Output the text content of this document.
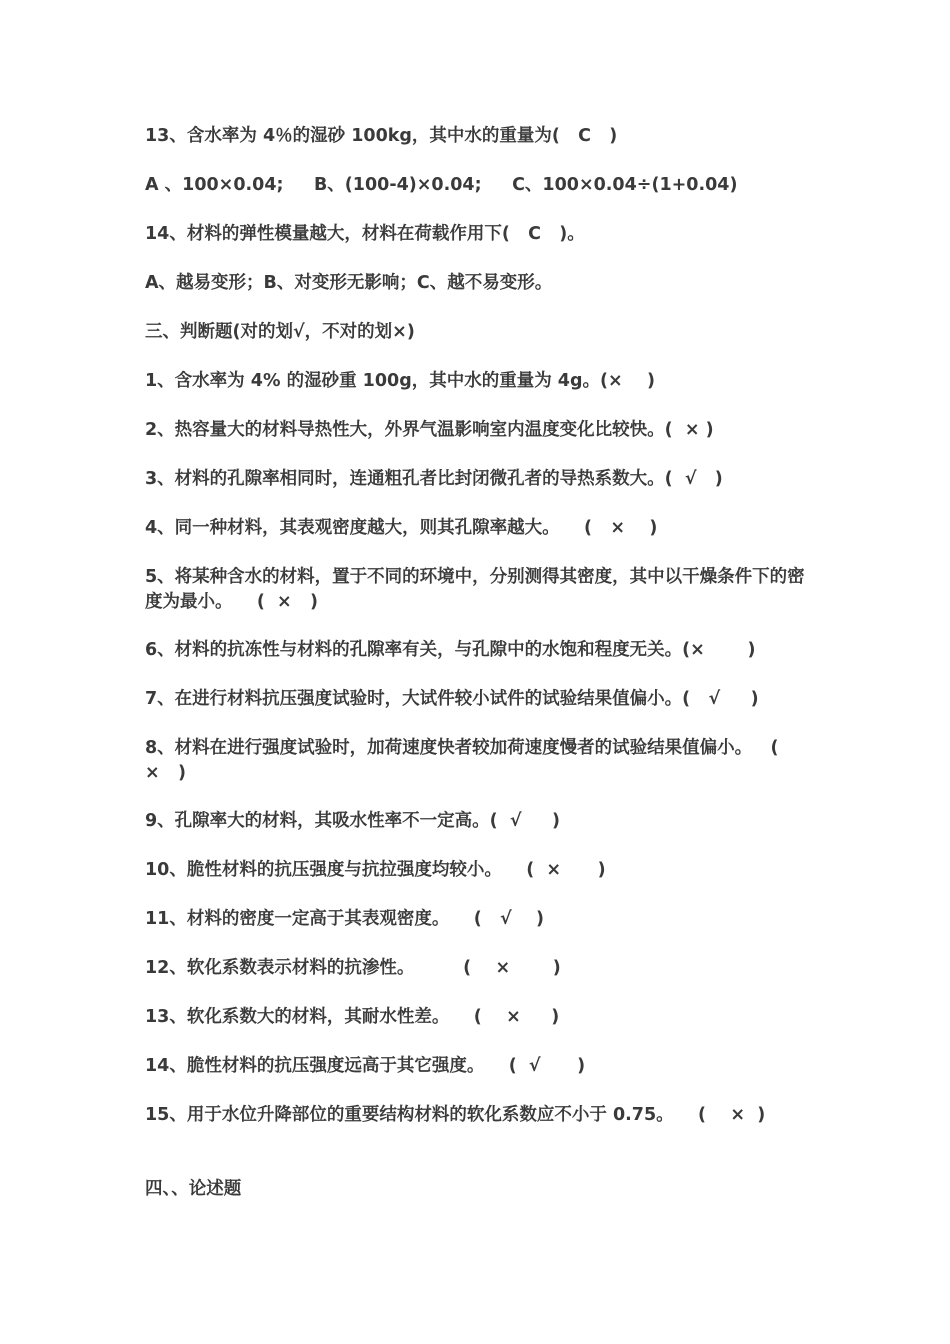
13、含水率为 4％的湿砂 100kg，其中水的重量为(   C   )
A 、100×0.04;     B、(100-4)×0.04;     C、100×0.04÷(1+0.04)
14、材料的弹性模量越大，材料在荷载作用下(   C   )。
A、越易变形；B、对变形无影响；C、越不易变形。
三、判断题(对的划√，不对的划×)
1、含水率为 4% 的湿砂重 100g，其中水的重量为 4g。(×    )
2、热容量大的材料导热性大，外界气温影响室内温度变化比较快。(  × )
3、材料的孔隙率相同时，连通粗孔者比封闭微孔者的导热系数大。(  √   )
4、同一种材料，其表观密度越大，则其孔隙率越大。    (   ×    )
5、将某种含水的材料，置于不同的环境中，分别测得其密度，其中以干燥条件下的密度为最小。    (  ×   )
6、材料的抗冻性与材料的孔隙率有关，与孔隙中的水饱和程度无关。(×       )
7、在进行材料抗压强度试验时，大试件较小试件的试验结果值偏小。(   √     )
8、材料在进行强度试验时，加荷速度快者较加荷速度慢者的试验结果值偏小。   (  ×   )
9、孔隙率大的材料，其吸水性率不一定高。(  √     )
10、脆性材料的抗压强度与抗拉强度均较小。    (  ×      )
11、材料的密度一定高于其表观密度。    (   √    )
12、软化系数表示材料的抗渗性。        (    ×       )
13、软化系数大的材料，其耐水性差。    (    ×     )
14、脆性材料的抗压强度远高于其它强度。    (  √      )
15、用于水位升降部位的重要结构材料的软化系数应不小于 0.75。    (    ×  )
四、、论述题
